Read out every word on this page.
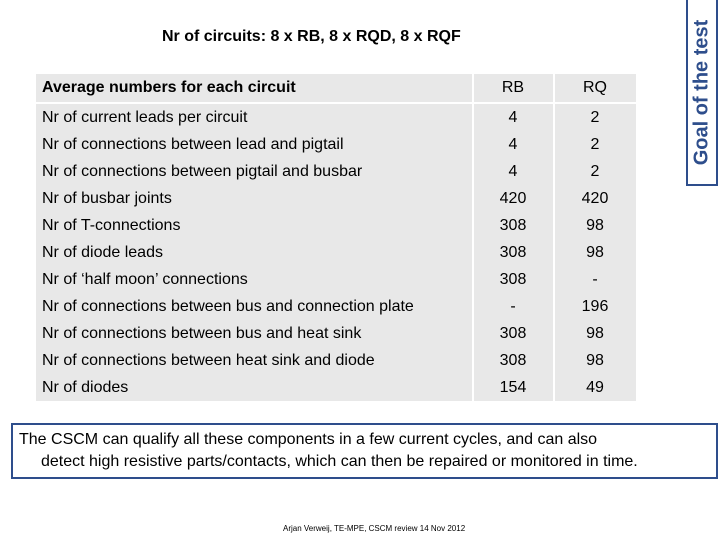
Nr of circuits: 8 x RB, 8 x RQD, 8 x RQF	Goal of the test
Average numbers for each circuit	RB	RQ
Nr of current leads per circuit	4	2
Nr of connections between lead and pigtail	4	2
Nr of connections between pigtail and busbar	4	2
Nr of busbar joints	420	420
Nr of T-connections	308	98
Nr of diode leads	308	98
Nr of ‘half moon’ connections	308	-
Nr of connections between bus and connection plate	-	196
Nr of connections between bus and heat sink	308	98
Nr of connections between heat sink and diode	308	98
Nr of diodes	154	49
The CSCM can qualify all these components in a few current cycles, and can also
detect high resistive parts/contacts, which can then be repaired or monitored in time.
Arjan Verweij, TE-MPE, CSCM review 14 Nov 2012
